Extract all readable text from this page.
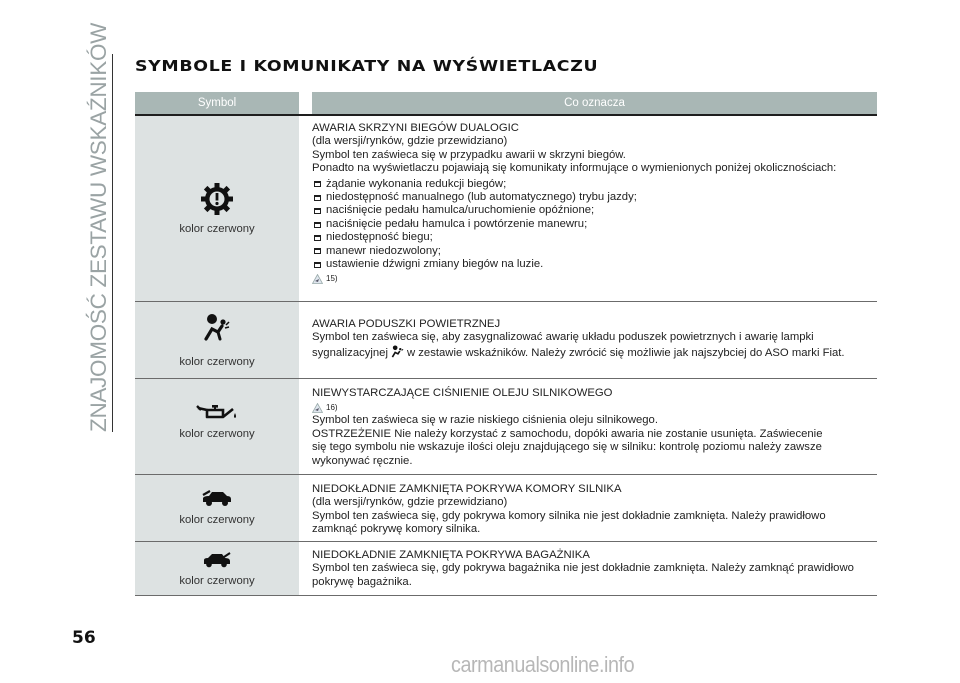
ZNAJOMOŚĆ ZESTAWU WSKAŹNIKÓW SYMBOLE I KOMUNIKATY NA WYŚWIETLACZU
Symbol	Co oznacza
kolor czerwony
AWARIA SKRZYNI BIEGÓW DUALOGIC
(dla wersji/rynków, gdzie przewidziano)
Symbol ten zaświeca się w przypadku awarii w skrzyni biegów.
Ponadto na wyświetlaczu pojawiają się komunikaty informujące o wymienionych poniżej okolicznościach:
żądanie wykonania redukcji biegów;
niedostępność manualnego (lub automatycznego) trybu jazdy;
naciśnięcie pedału hamulca/uruchomienie opóźnione;
naciśnięcie pedału hamulca i powtórzenie manewru;
niedostępność biegu;
manewr niedozwolony;
ustawienie dźwigni zmiany biegów na luzie.
15)
kolor czerwony
AWARIA PODUSZKI POWIETRZNEJ
Symbol ten zaświeca się, aby zasygnalizować awarię układu poduszek powietrznych i awarię lampki
sygnalizacyjnej w zestawie wskaźników. Należy zwrócić się możliwie jak najszybciej do ASO marki Fiat.
kolor czerwony
NIEWYSTARCZAJĄCE CIŚNIENIE OLEJU SILNIKOWEGO
16)
Symbol ten zaświeca się w razie niskiego ciśnienia oleju silnikowego.
OSTRZEŻENIE Nie należy korzystać z samochodu, dopóki awaria nie zostanie usunięta. Zaświecenie
się tego symbolu nie wskazuje ilości oleju znajdującego się w silniku: kontrolę poziomu należy zawsze
wykonywać ręcznie.
kolor czerwony
NIEDOKŁADNIE ZAMKNIĘTA POKRYWA KOMORY SILNIKA
(dla wersji/rynków, gdzie przewidziano)
Symbol ten zaświeca się, gdy pokrywa komory silnika nie jest dokładnie zamknięta. Należy prawidłowo
zamknąć pokrywę komory silnika.
kolor czerwony
NIEDOKŁADNIE ZAMKNIĘTA POKRYWA BAGAŻNIKA
Symbol ten zaświeca się, gdy pokrywa bagażnika nie jest dokładnie zamknięta. Należy zamknąć prawidłowo
pokrywę bagażnika.
56
carmanualsonline.info
